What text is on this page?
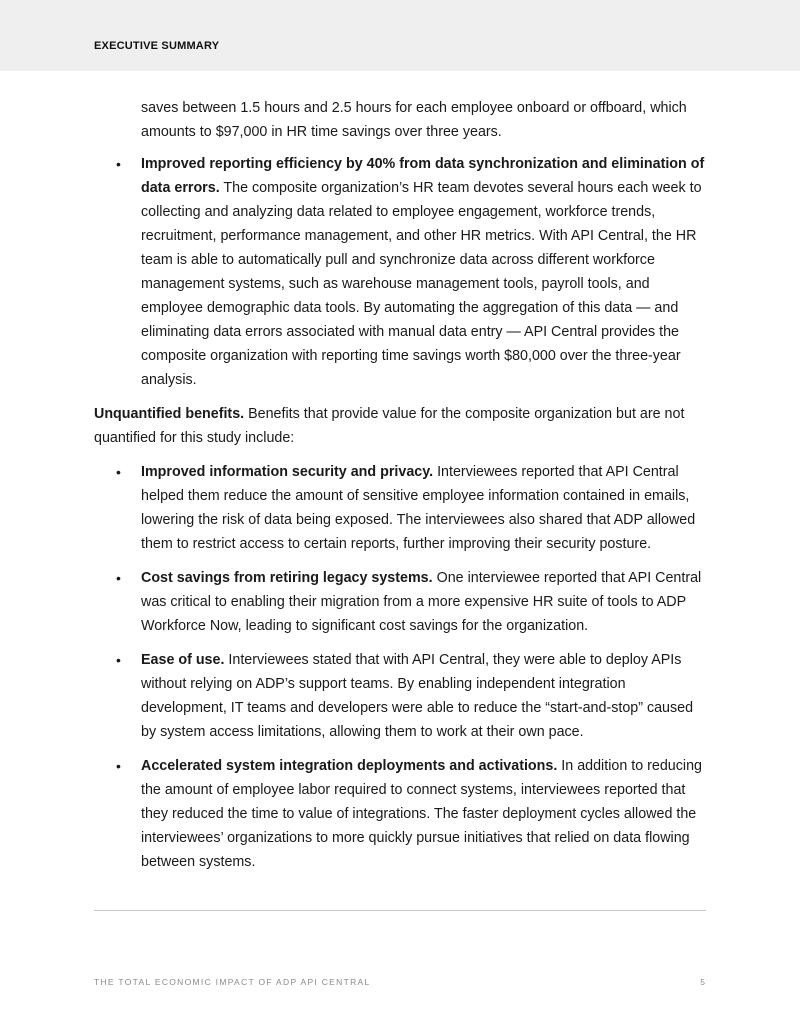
EXECUTIVE SUMMARY

saves between 1.5 hours and 2.5 hours for each employee onboard or offboard, which amounts to $97,000 in HR time savings over three years.

• Improved reporting efficiency by 40% from data synchronization and elimination of data errors. The composite organization’s HR team devotes several hours each week to collecting and analyzing data related to employee engagement, workforce trends, recruitment, performance management, and other HR metrics. With API Central, the HR team is able to automatically pull and synchronize data across different workforce management systems, such as warehouse management tools, payroll tools, and employee demographic data tools. By automating the aggregation of this data — and eliminating data errors associated with manual data entry — API Central provides the composite organization with reporting time savings worth $80,000 over the three-year analysis.

Unquantified benefits. Benefits that provide value for the composite organization but are not quantified for this study include:

• Improved information security and privacy. Interviewees reported that API Central helped them reduce the amount of sensitive employee information contained in emails, lowering the risk of data being exposed. The interviewees also shared that ADP allowed them to restrict access to certain reports, further improving their security posture.
• Cost savings from retiring legacy systems. One interviewee reported that API Central was critical to enabling their migration from a more expensive HR suite of tools to ADP Workforce Now, leading to significant cost savings for the organization.
• Ease of use. Interviewees stated that with API Central, they were able to deploy APIs without relying on ADP’s support teams. By enabling independent integration development, IT teams and developers were able to reduce the “start-and-stop” caused by system access limitations, allowing them to work at their own pace.
• Accelerated system integration deployments and activations. In addition to reducing the amount of employee labor required to connect systems, interviewees reported that they reduced the time to value of integrations. The faster deployment cycles allowed the interviewees’ organizations to more quickly pursue initiatives that relied on data flowing between systems.
THE TOTAL ECONOMIC IMPACT OF ADP API CENTRAL	5
